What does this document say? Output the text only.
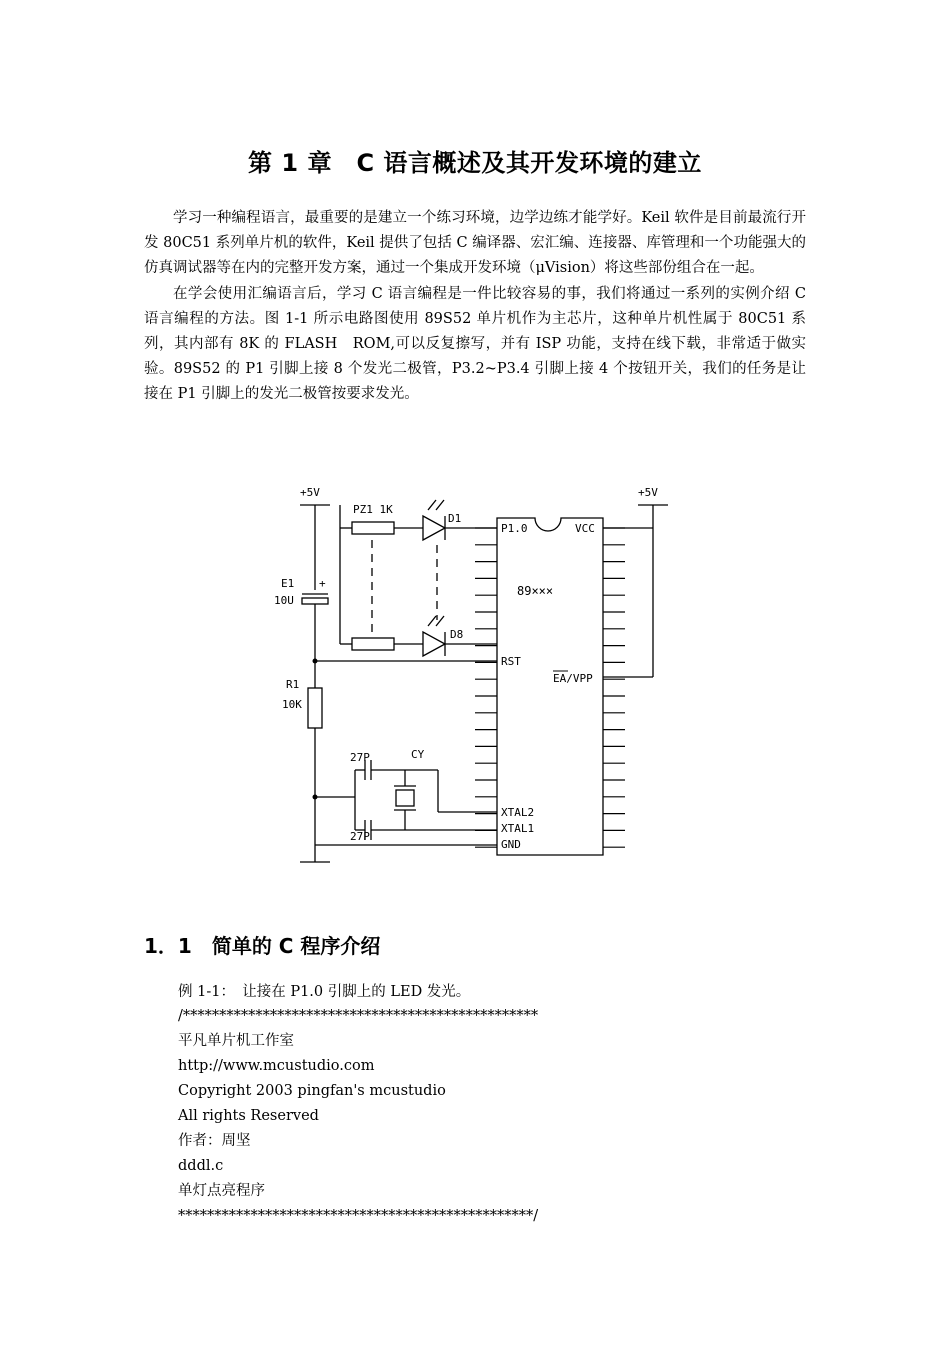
第 1 章　C 语言概述及其开发环境的建立

学习一种编程语言，最重要的是建立一个练习环境，边学边练才能学好。Keil 软件是目前最流行开发 80C51 系列单片机的软件，Keil 提供了包括 C 编译器、宏汇编、连接器、库管理和一个功能强大的仿真调试器等在内的完整开发方案，通过一个集成开发环境（μVision）将这些部份组合在一起。

在学会使用汇编语言后，学习 C 语言编程是一件比较容易的事，我们将通过一系列的实例介绍 C 语言编程的方法。图 1-1 所示电路图使用 89S52 单片机作为主芯片，这种单片机性属于 80C51 系列，其内部有 8K 的 FLASH　ROM,可以反复擦写，并有 ISP 功能，支持在线下载，非常适于做实验。89S52 的 P1 引脚上接 8 个发光二极管，P3.2~P3.4 引脚上接 4 个按钮开关，我们的任务是让接在 P1 引脚上的发光二极管按要求发光。

+5V	+5V
PZ1 1K
D1
D8
E1
10U
+
R1
10K
27P	CY
27P
89×××
P1.0	VCC
RST
EA/VPP
XTAL2
XTAL1
GND
1．1　简单的 C 程序介绍
例 1-1：　让接在 P1.0 引脚上的 LED 发光。
/*************************************************
平凡单片机工作室
http://www.mcustudio.com
Copyright 2003 pingfan's mcustudio
All rights Reserved
作者：周坚
dddl.c
单灯点亮程序
*************************************************/
